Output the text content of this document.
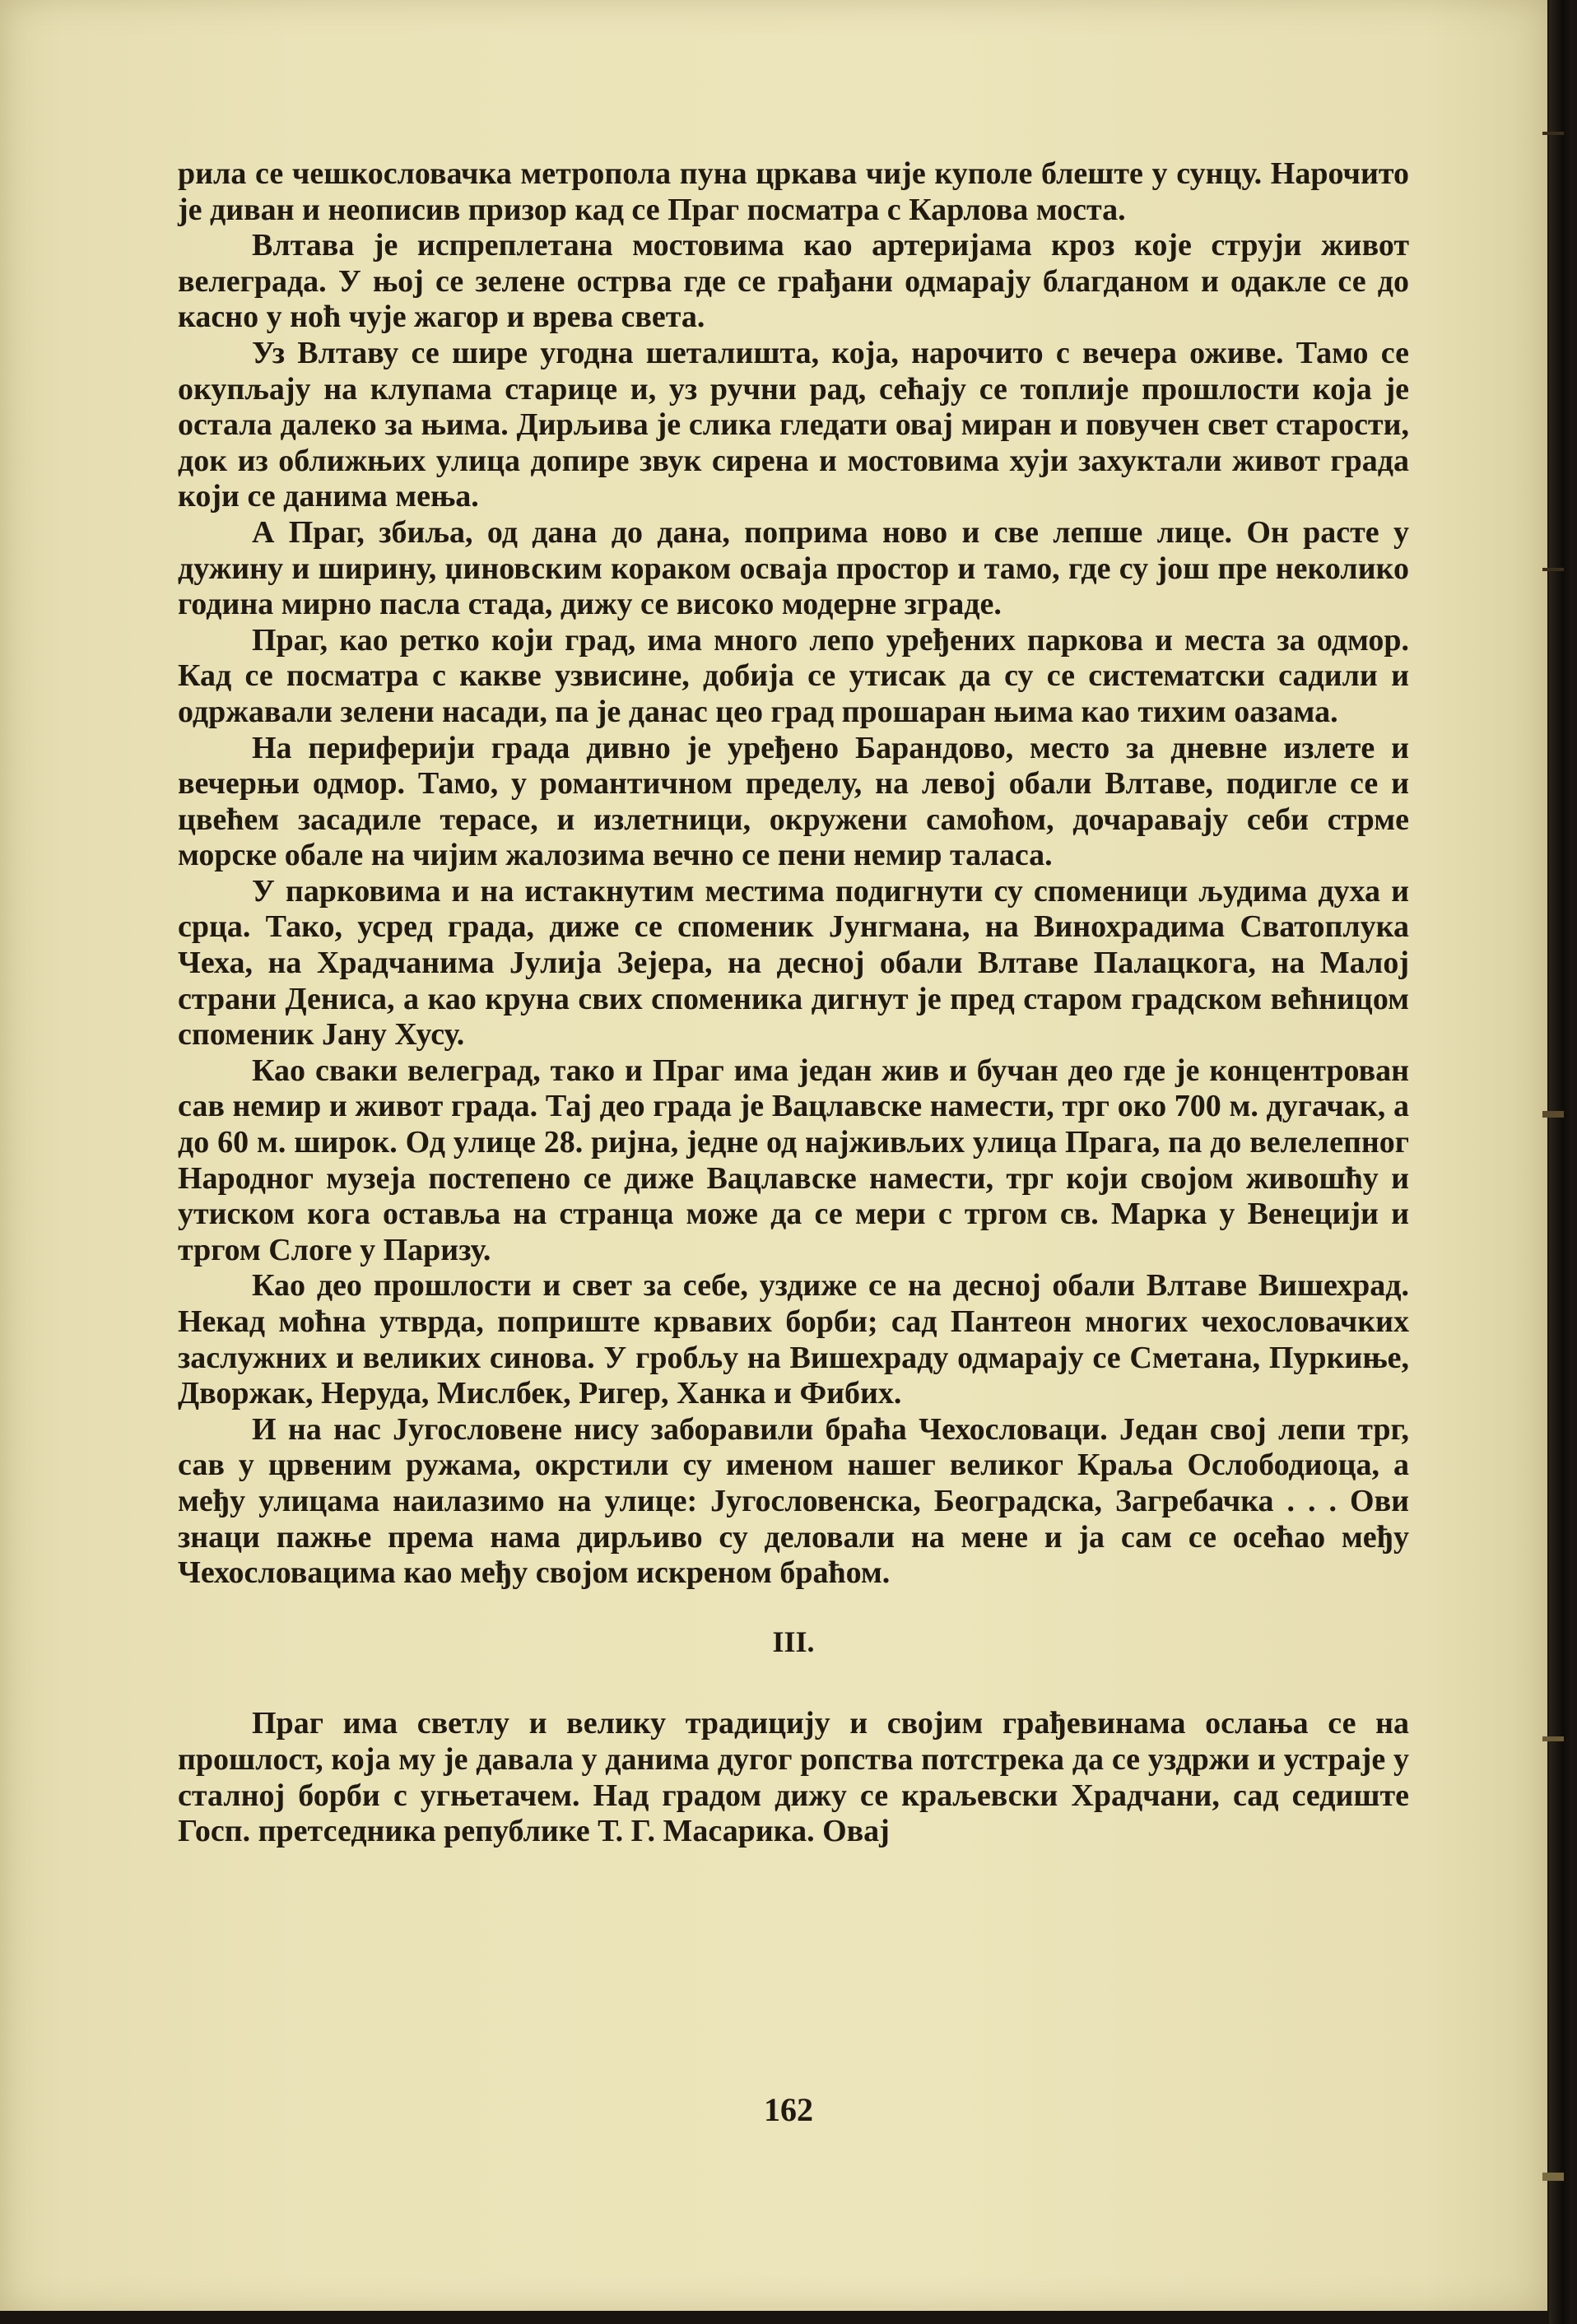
рила се чешкословачка метропола пуна цркава чије куполе блеште у сунцу. Нарочито је диван и неописив призор кад се Праг посматра с Карлова моста.

Влтава је испреплетана мостовима као артеријама кроз које струји живот велеграда. У њој се зелене острва где се грађани одмарају благданом и одакле се до касно у ноћ чује жагор и врева света.

Уз Влтаву се шире угодна шеталишта, која, нарочито с вечера оживе. Тамо се окупљају на клупама старице и, уз ручни рад, сећају се топлије прошлости која је остала далеко за њима. Дирљива је слика гледати овај миран и повучен свет старости, док из оближњих улица допире звук сирена и мостовима хуји захуктали живот града који се данима мења.

А Праг, збиља, од дана до дана, поприма ново и све лепше лице. Он расте у дужину и ширину, џиновским кораком осваја простор и тамо, где су још пре неколико година мирно пасла стада, дижу се високо модерне зграде.

Праг, као ретко који град, има много лепо уређених паркова и места за одмор. Кад се посматра с какве узвисине, добија се утисак да су се систематски садили и одржавали зелени насади, па је данас цео град прошаран њима као тихим оазама.

На периферији града дивно је уређено Барандово, место за дневне излете и вечерњи одмор. Тамо, у романтичном пределу, на левој обали Влтаве, подигле се и цвећем засадиле терасе, и излетници, окружени самоћом, дочаравају себи стрме морске обале на чијим жалозима вечно се пени немир таласа.

У парковима и на истакнутим местима подигнути су споменици људима духа и срца. Тако, усред града, диже се споменик Јунгмана, на Винохрадима Сватоплука Чеха, на Храдчанима Јулија Зејера, на десној обали Влтаве Палацкога, на Малој страни Дениса, а као круна свих споменика дигнут је пред старом градском већницом споменик Јану Хусу.

Као сваки велеград, тако и Праг има један жив и бучан део где је концентрован сав немир и живот града. Тај део града је Вацлавске намести, трг око 700 м. дугачак, а до 60 м. широк. Од улице 28. ријна, једне од најживљих улица Прага, па до велелепног Народног музеја постепено се диже Вацлавске намести, трг који својом живошћу и утиском кога оставља на странца може да се мери с тргом св. Марка у Венецији и тргом Слоге у Паризу.

Као део прошлости и свет за себе, уздиже се на десној обали Влтаве Вишехрад. Некад моћна утврда, поприште крвавих борби; сад Пантеон многих чехословачких заслужних и великих синова. У гробљу на Вишехраду одмарају се Сметана, Пуркиње, Дворжак, Неруда, Мислбек, Ригер, Ханка и Фибих.

И на нас Југословене нису заборавили браћа Чехословаци. Један свој лепи трг, сав у црвеним ружама, окрстили су именом нашег великог Краља Ослободиоца, а међу улицама наилазимо на улице: Југословенска, Београдска, Загребачка . . . Ови знаци пажње према нама дирљиво су деловали на мене и ја сам се осећао међу Чехословацима као међу својом искреном браћом.

III.

Праг има светлу и велику традицију и својим грађевинама ослања се на прошлост, која му је давала у данима дугог ропства потстрека да се уздржи и устраје у сталној борби с угњетачем. Над градом дижу се краљевски Храдчани, сад седиште Госп. претседника републике Т. Г. Масарика. Овај

162
